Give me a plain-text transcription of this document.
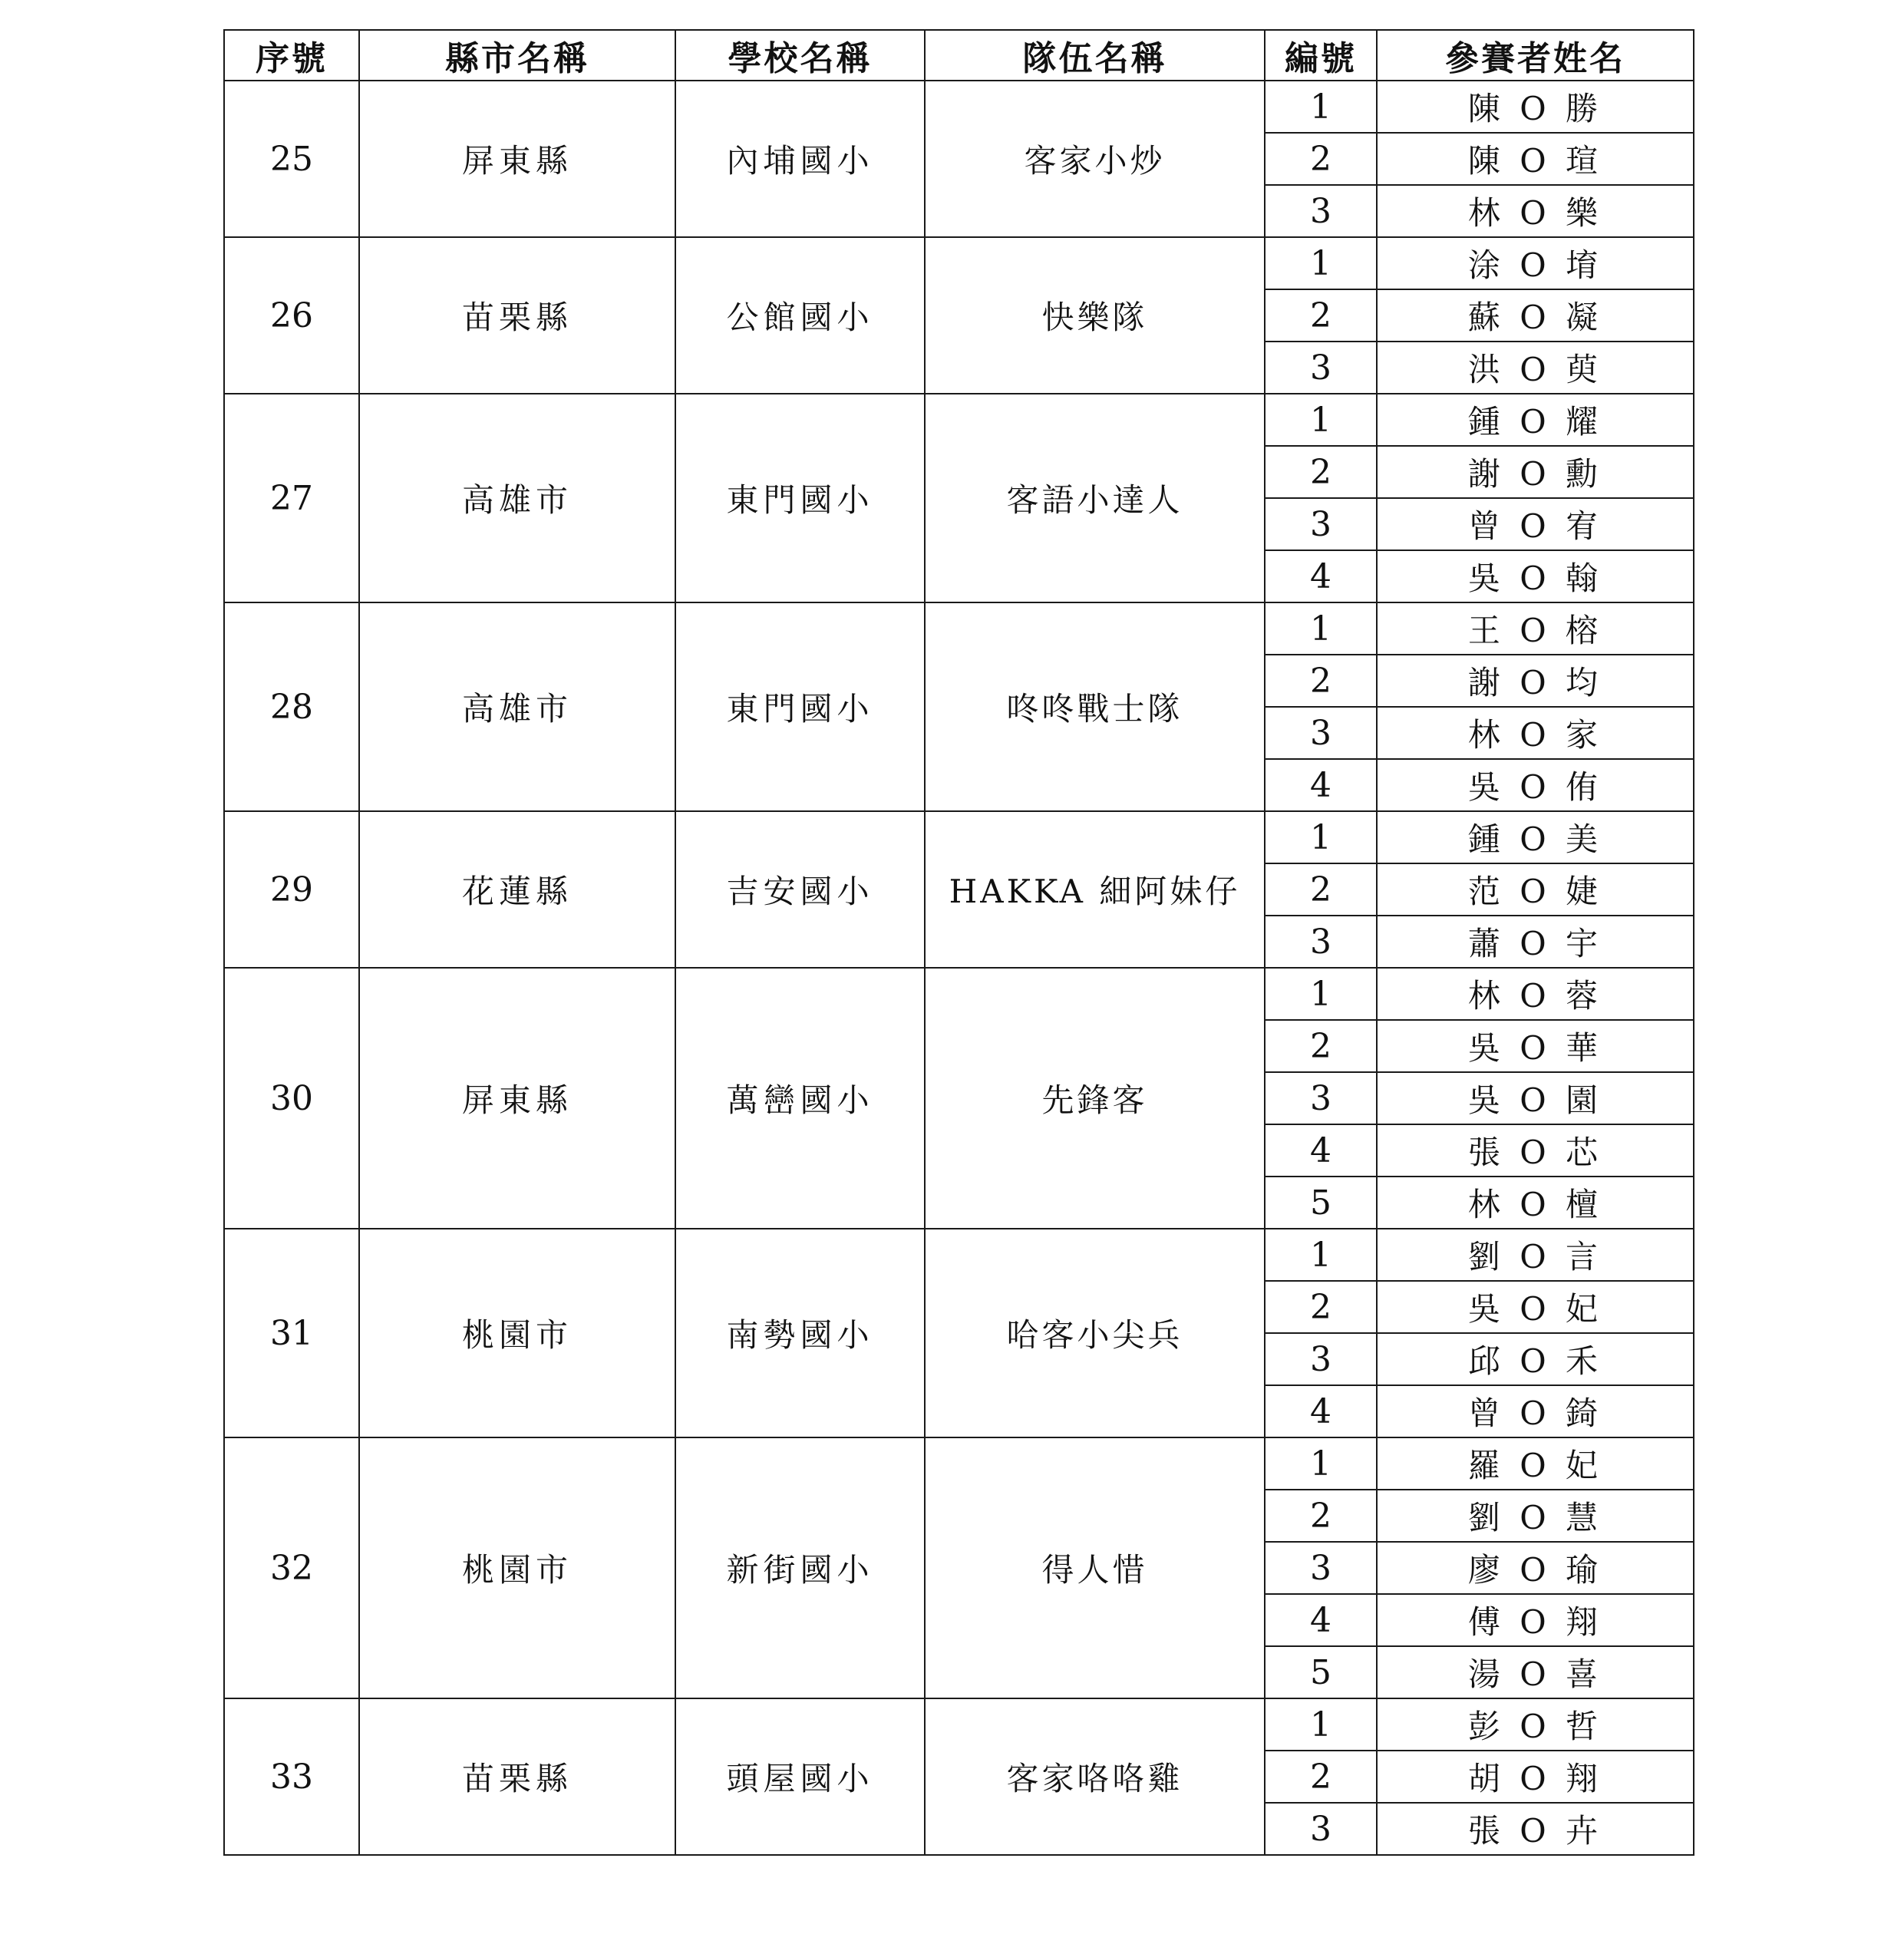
序號	縣市名稱	學校名稱	隊伍名稱	編號	參賽者姓名
25	屏東縣	內埔國小	客家小炒	1	陳 O 勝
				2	陳 O 瑄
				3	林 O 樂
26	苗栗縣	公館國小	快樂隊	1	涂 O 堉
				2	蘇 O 凝
				3	洪 O 萸
27	高雄市	東門國小	客語小達人	1	鍾 O 耀
				2	謝 O 勳
				3	曾 O 宥
				4	吳 O 翰
28	高雄市	東門國小	咚咚戰士隊	1	王 O 榕
				2	謝 O 均
				3	林 O 家
				4	吳 O 侑
29	花蓮縣	吉安國小	HAKKA 細阿妹仔	1	鍾 O 美
				2	范 O 婕
				3	蕭 O 宇
30	屏東縣	萬巒國小	先鋒客	1	林 O 蓉
				2	吳 O 華
				3	吳 O 園
				4	張 O 芯
				5	林 O 檀
31	桃園市	南勢國小	哈客小尖兵	1	劉 O 言
				2	吳 O 妃
				3	邱 O 禾
				4	曾 O 錡
32	桃園市	新街國小	得人惜	1	羅 O 妃
				2	劉 O 慧
				3	廖 O 瑜
				4	傅 O 翔
				5	湯 O 喜
33	苗栗縣	頭屋國小	客家咯咯雞	1	彭 O 哲
				2	胡 O 翔
				3	張 O 卉
